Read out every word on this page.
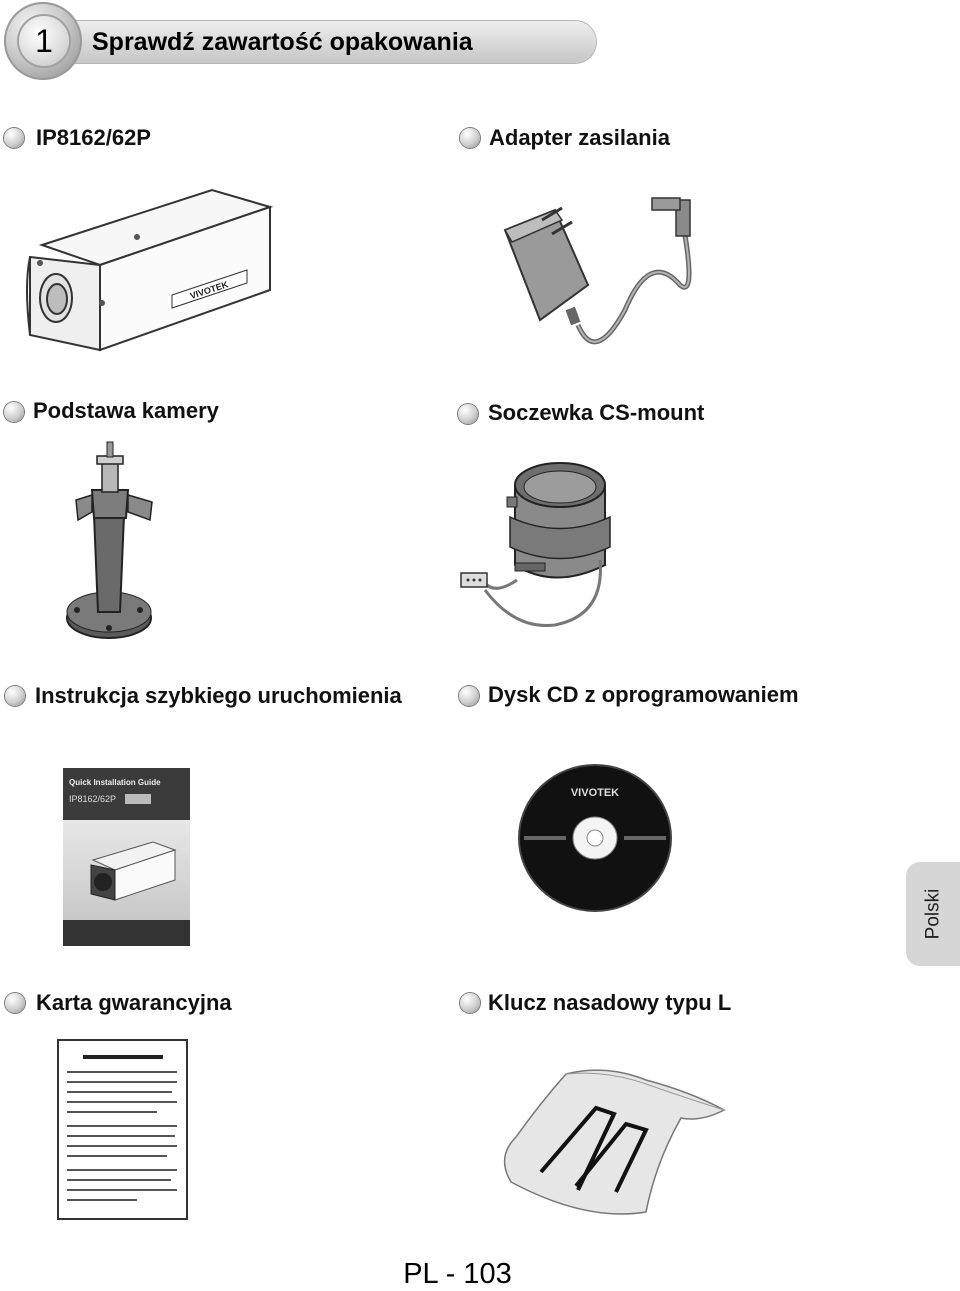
1	Sprawdź zawartość opakowania
IP8162/62P
VIVOTEK
Adapter zasilania
Podstawa kamery	Soczewka CS-mount
Instrukcja szybkiego uruchomienia
Quick Installation Guide
IP8162/62P
Dysk CD z oprogramowaniem
VIVOTEK
Polski
Karta gwarancyjna	Klucz nasadowy typu L
PL - 103
